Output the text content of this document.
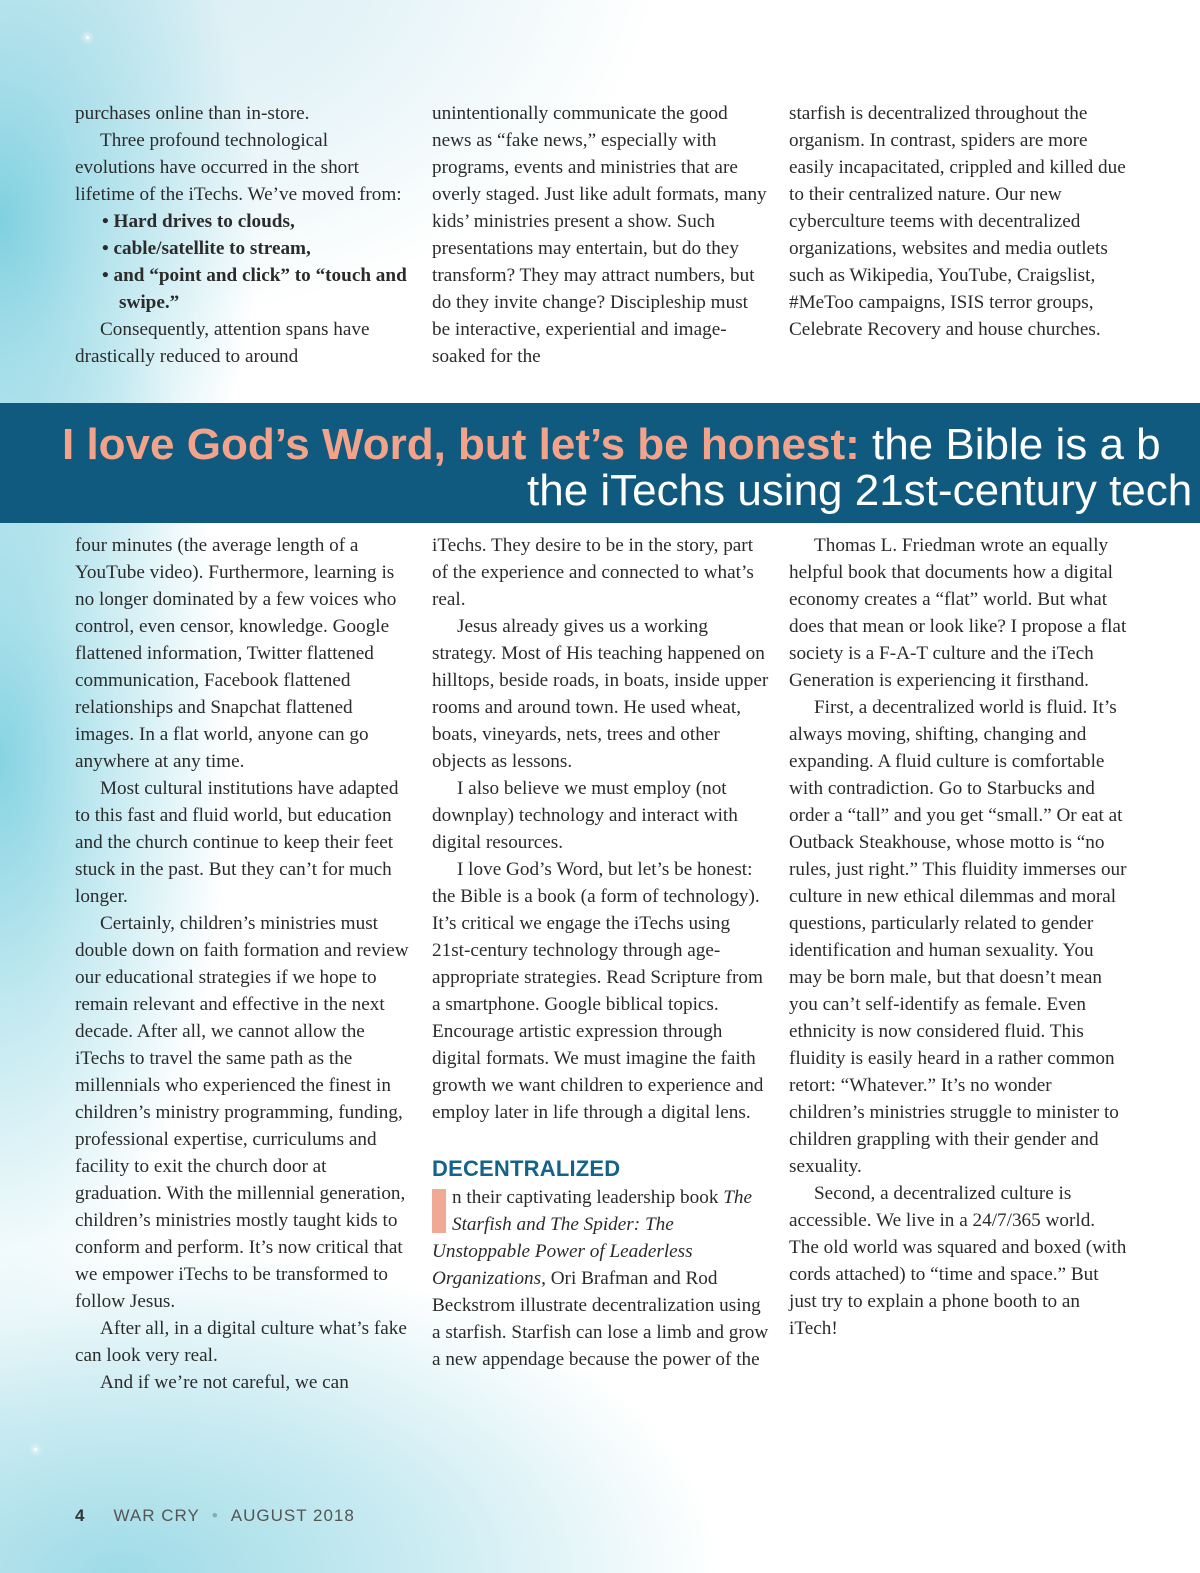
purchases online than in-store.

Three profound technological evolutions have occurred in the short lifetime of the iTechs. We’ve moved from:

• Hard drives to clouds,
• cable/satellite to stream,
• and “point and click” to “touch and swipe.”

Consequently, attention spans have drastically reduced to around

unintentionally communicate the good news as “fake news,” especially with programs, events and ministries that are overly staged. Just like adult formats, many kids’ ministries present a show. Such presentations may entertain, but do they transform? They may attract numbers, but do they invite change? Discipleship must be interactive, experiential and image-soaked for the

starfish is decentralized throughout the organism. In contrast, spiders are more easily incapacitated, crippled and killed due to their centralized nature. Our new cyberculture teems with decentralized organizations, websites and media outlets such as Wikipedia, YouTube, Craigslist, #MeToo campaigns, ISIS terror groups, Celebrate Recovery and house churches.

I love God’s Word, but let’s be honest: the Bible is a b
the iTechs using 21st-century tech

four minutes (the average length of a YouTube video). Furthermore, learning is no longer dominated by a few voices who control, even censor, knowledge. Google flattened information, Twitter flattened communication, Facebook flattened relationships and Snapchat flattened images. In a flat world, anyone can go anywhere at any time.

Most cultural institutions have adapted to this fast and fluid world, but education and the church continue to keep their feet stuck in the past. But they can’t for much longer.

Certainly, children’s ministries must double down on faith formation and review our educational strategies if we hope to remain relevant and effective in the next decade. After all, we cannot allow the iTechs to travel the same path as the millennials who experienced the finest in children’s ministry programming, funding, professional expertise, curriculums and facility to exit the church door at graduation. With the millennial generation, children’s ministries mostly taught kids to conform and perform. It’s now critical that we empower iTechs to be transformed to follow Jesus.

After all, in a digital culture what’s fake can look very real.

And if we’re not careful, we can

iTechs. They desire to be in the story, part of the experience and connected to what’s real.

Jesus already gives us a working strategy. Most of His teaching happened on hilltops, beside roads, in boats, inside upper rooms and around town. He used wheat, boats, vineyards, nets, trees and other objects as lessons.

I also believe we must employ (not downplay) technology and interact with digital resources.

I love God’s Word, but let’s be honest: the Bible is a book (a form of technology). It’s critical we engage the iTechs using 21st-century technology through age-appropriate strategies. Read Scripture from a smartphone. Google biblical topics. Encourage artistic expression through digital formats. We must imagine the faith growth we want children to experience and employ later in life through a digital lens.

DECENTRALIZED

n their captivating leadership book The Starfish and The Spider: The Unstoppable Power of Leaderless Organizations, Ori Brafman and Rod Beckstrom illustrate decentralization using a starfish. Starfish can lose a limb and grow a new appendage because the power of the

Thomas L. Friedman wrote an equally helpful book that documents how a digital economy creates a “flat” world. But what does that mean or look like? I propose a flat society is a F-A-T culture and the iTech Generation is experiencing it firsthand.

First, a decentralized world is fluid. It’s always moving, shifting, changing and expanding. A fluid culture is comfortable with contradiction. Go to Starbucks and order a “tall” and you get “small.” Or eat at Outback Steakhouse, whose motto is “no rules, just right.” This fluidity immerses our culture in new ethical dilemmas and moral questions, particularly related to gender identification and human sexuality. You may be born male, but that doesn’t mean you can’t self-identify as female. Even ethnicity is now considered fluid. This fluidity is easily heard in a rather common retort: “Whatever.” It’s no wonder children’s ministries struggle to minister to children grappling with their gender and sexuality.

Second, a decentralized culture is accessible. We live in a 24/7/365 world. The old world was squared and boxed (with cords attached) to “time and space.” But just try to explain a phone booth to an iTech!

4 WAR CRY • AUGUST 2018
